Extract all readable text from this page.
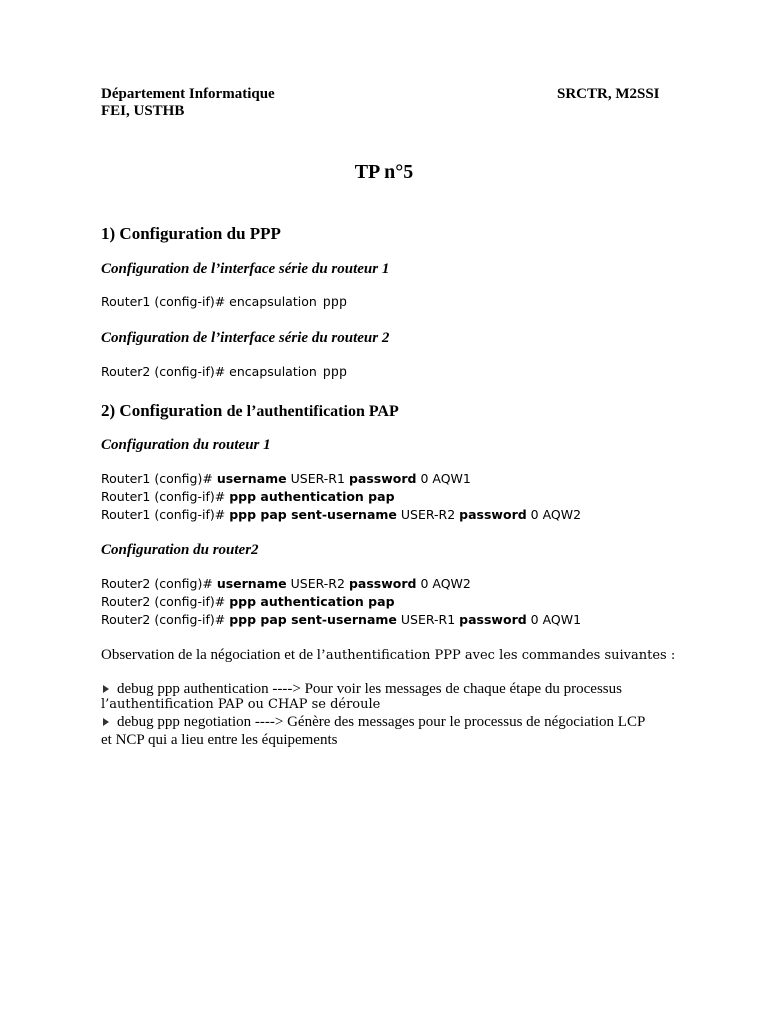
Département Informatique
FEI, USTHB
SRCTR, M2SSI
TP n°5
1) Configuration du PPP
Configuration de l’interface série du routeur 1
Router1 (config-if)# encapsulation ppp
Configuration de l’interface série du routeur 2
Router2 (config-if)# encapsulation ppp
2) Configuration de l’authentification PAP
Configuration du routeur 1
Router1 (config)# username USER-R1 password 0 AQW1
Router1 (config-if)# ppp authentication pap
Router1 (config-if)# ppp pap sent-username USER-R2 password 0 AQW2
Configuration du router2
Router2 (config)# username USER-R2 password 0 AQW2
Router2 (config-if)# ppp authentication pap
Router2 (config-if)# ppp pap sent-username USER-R1 password 0 AQW1
Observation de la négociation et de l’authentification PPP avec les commandes suivantes :
debug ppp authentication ----> Pour voir les messages de chaque étape du processus
l’authentification PAP ou CHAP se déroule
debug ppp negotiation ----> Génère des messages pour le processus de négociation LCP
et NCP qui a lieu entre les équipements
